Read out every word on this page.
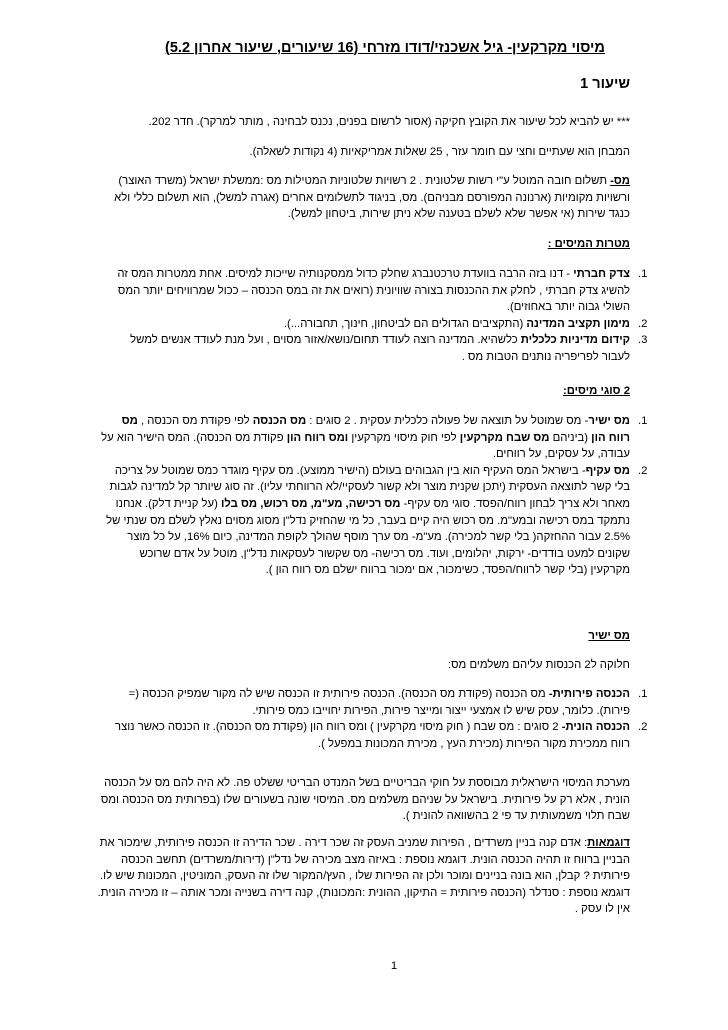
מיסוי מקרקעין- גיל אשכנזי/דודו מזרחי (16 שיעורים, שיעור אחרון 5.2)
שיעור 1
*** יש להביא לכל שיעור את הקובץ חקיקה (אסור לרשום בפנים, נכנס לבחינה , מותר למרקר). חדר 202.
המבחן הוא שעתיים וחצי עם חומר עזר , 25 שאלות אמריקאיות (4 נקודות לשאלה).
מס- תשלום חובה המוטל ע"י רשות שלטונית . 2 רשויות שלטוניות המטילות מס :ממשלת ישראל (משרד האוצר) ורשויות מקומיות (ארנונה המפורסם מבניהם). מס, בניגוד לתשלומים אחרים (אגרה למשל), הוא תשלום כללי ולא כנגד שירות (אי אפשר שלא לשלם בטענה שלא ניתן שירות, ביטחון למשל).
מטרות המיסים :
1.
צדק חברתי - דנו בזה הרבה בוועדת טרכטנברג שחלק כדול ממסקנותיה שייכות למיסים. אחת ממטרות המס זה להשיג צדק חברתי , לחלק את ההכנסות בצורה שוויונית (רואים את זה במס הכנסה – ככול שמרוויחים יותר המס השולי גבוה יותר באחוזים).
2.
מימון תקציב המדינה (התקציבים הגדולים הם לביטחון, חינוך, תחבורה...).
3.
קידום מדיניות כלכלית כלשהיא. המדינה רוצה לעודד תחום/נושא/אזור מסוים , ועל מנת לעודד אנשים למשל לעבור לפריפריה נותנים הטבות מס .
2 סוגי מיסים:
1.
מס ישיר- מס שמוטל על תוצאה של פעולה כלכלית עסקית . 2 סוגים : מס הכנסה לפי פקודת מס הכנסה , מס רווח הון (ביניהם מס שבח מקרקעין לפי חוק מיסוי מקרקעין ומס רווח הון פקודת מס הכנסה). המס הישיר הוא על עבודה, על עסקים, על רווחים.
2.
מס עקיף- בישראל המס העקיף הוא בין הגבוהים בעולם (הישיר ממוצע). מס עקיף מוגדר כמס שמוטל על צריכה בלי קשר לתוצאה העסקית (יתכן שקנית מוצר ולא קשור לעסקיי/לא הרווחתי עליו). זה סוג שיותר קל למדינה לגבות מאחר ולא צריך לבחון רווח/הפסד. סוגי מס עקיף- מס רכישה, מע"מ, מס רכוש, מס בלו (על קניית דלק). אנחנו נתמקד במס רכישה ובמע"מ. מס רכוש היה קיים בעבר, כל מי שהחזיק נדל"ן מסוג מסוים נאלץ לשלם מס שנתי של 2.5% עבור ההחזקה( בלי קשר למכירה). מע"מ- מס ערך מוסף שהולך לקופת המדינה, כיום 16%, על כל מוצר שקונים למעט בודדים- ירקות, יהלומים, ועוד. מס רכישה- מס שקשור לעסקאות נדל"ן, מוטל על אדם שרוכש מקרקעין (בלי קשר לרווח/הפסד, כשימכור, אם ימכור ברווח ישלם מס רווח הון ).
מס ישיר
חלוקה ל2 הכנסות עליהם משלמים מס:
1.
הכנסה פירותית- מס הכנסה (פקודת מס הכנסה). הכנסה פירותית זו הכנסה שיש לה מקור שמפיק הכנסה (= פירות). כלומר, עסק שיש לו אמצעי ייצור ומייצר פירות, הפירות יחוייבו כמס פירותי.
2.
הכנסה הונית- 2 סוגים : מס שבח ( חוק מיסוי מקרקעין ) ומס רווח הון (פקודת מס הכנסה). זו הכנסה כאשר נוצר רווח ממכירת מקור הפירות (מכירת העץ , מכירת המכונות במפעל ).
מערכת המיסוי הישראלית מבוססת על חוקי הבריטיים בשל המנדט הבריטי ששלט פה. לא היה להם מס על הכנסה הונית , אלא רק על פירותית. בישראל על שניהם משלמים מס. המיסוי שונה בשעורים שלו (בפרותית מס הכנסה ומס שבח תלוי משמעותית עד פי 2 בהשוואה להונית ).
דוגמאות: אדם קנה בניין משרדים , הפירות שמניב העסק זה שכר דירה . שכר הדירה זו הכנסה פירותית, שימכור את הבניין ברווח זו תהיה הכנסה הונית. דוגמא נוספת : באיזה מצב מכירה של נדל"ן (דירות/משרדים) תחשב הכנסה פירותית ? קבלן, הוא בונה בניינים ומוכר ולכן זה הפירות שלו , העץ/המקור שלו זה העסק, המוניטין, המכונות שיש לו. דוגמא נוספת : סנדלר (הכנסה פירותית = התיקון, ההונית :המכונות), קנה דירה בשנייה ומכר אותה – זו מכירה הונית. אין לו עסק .
1
